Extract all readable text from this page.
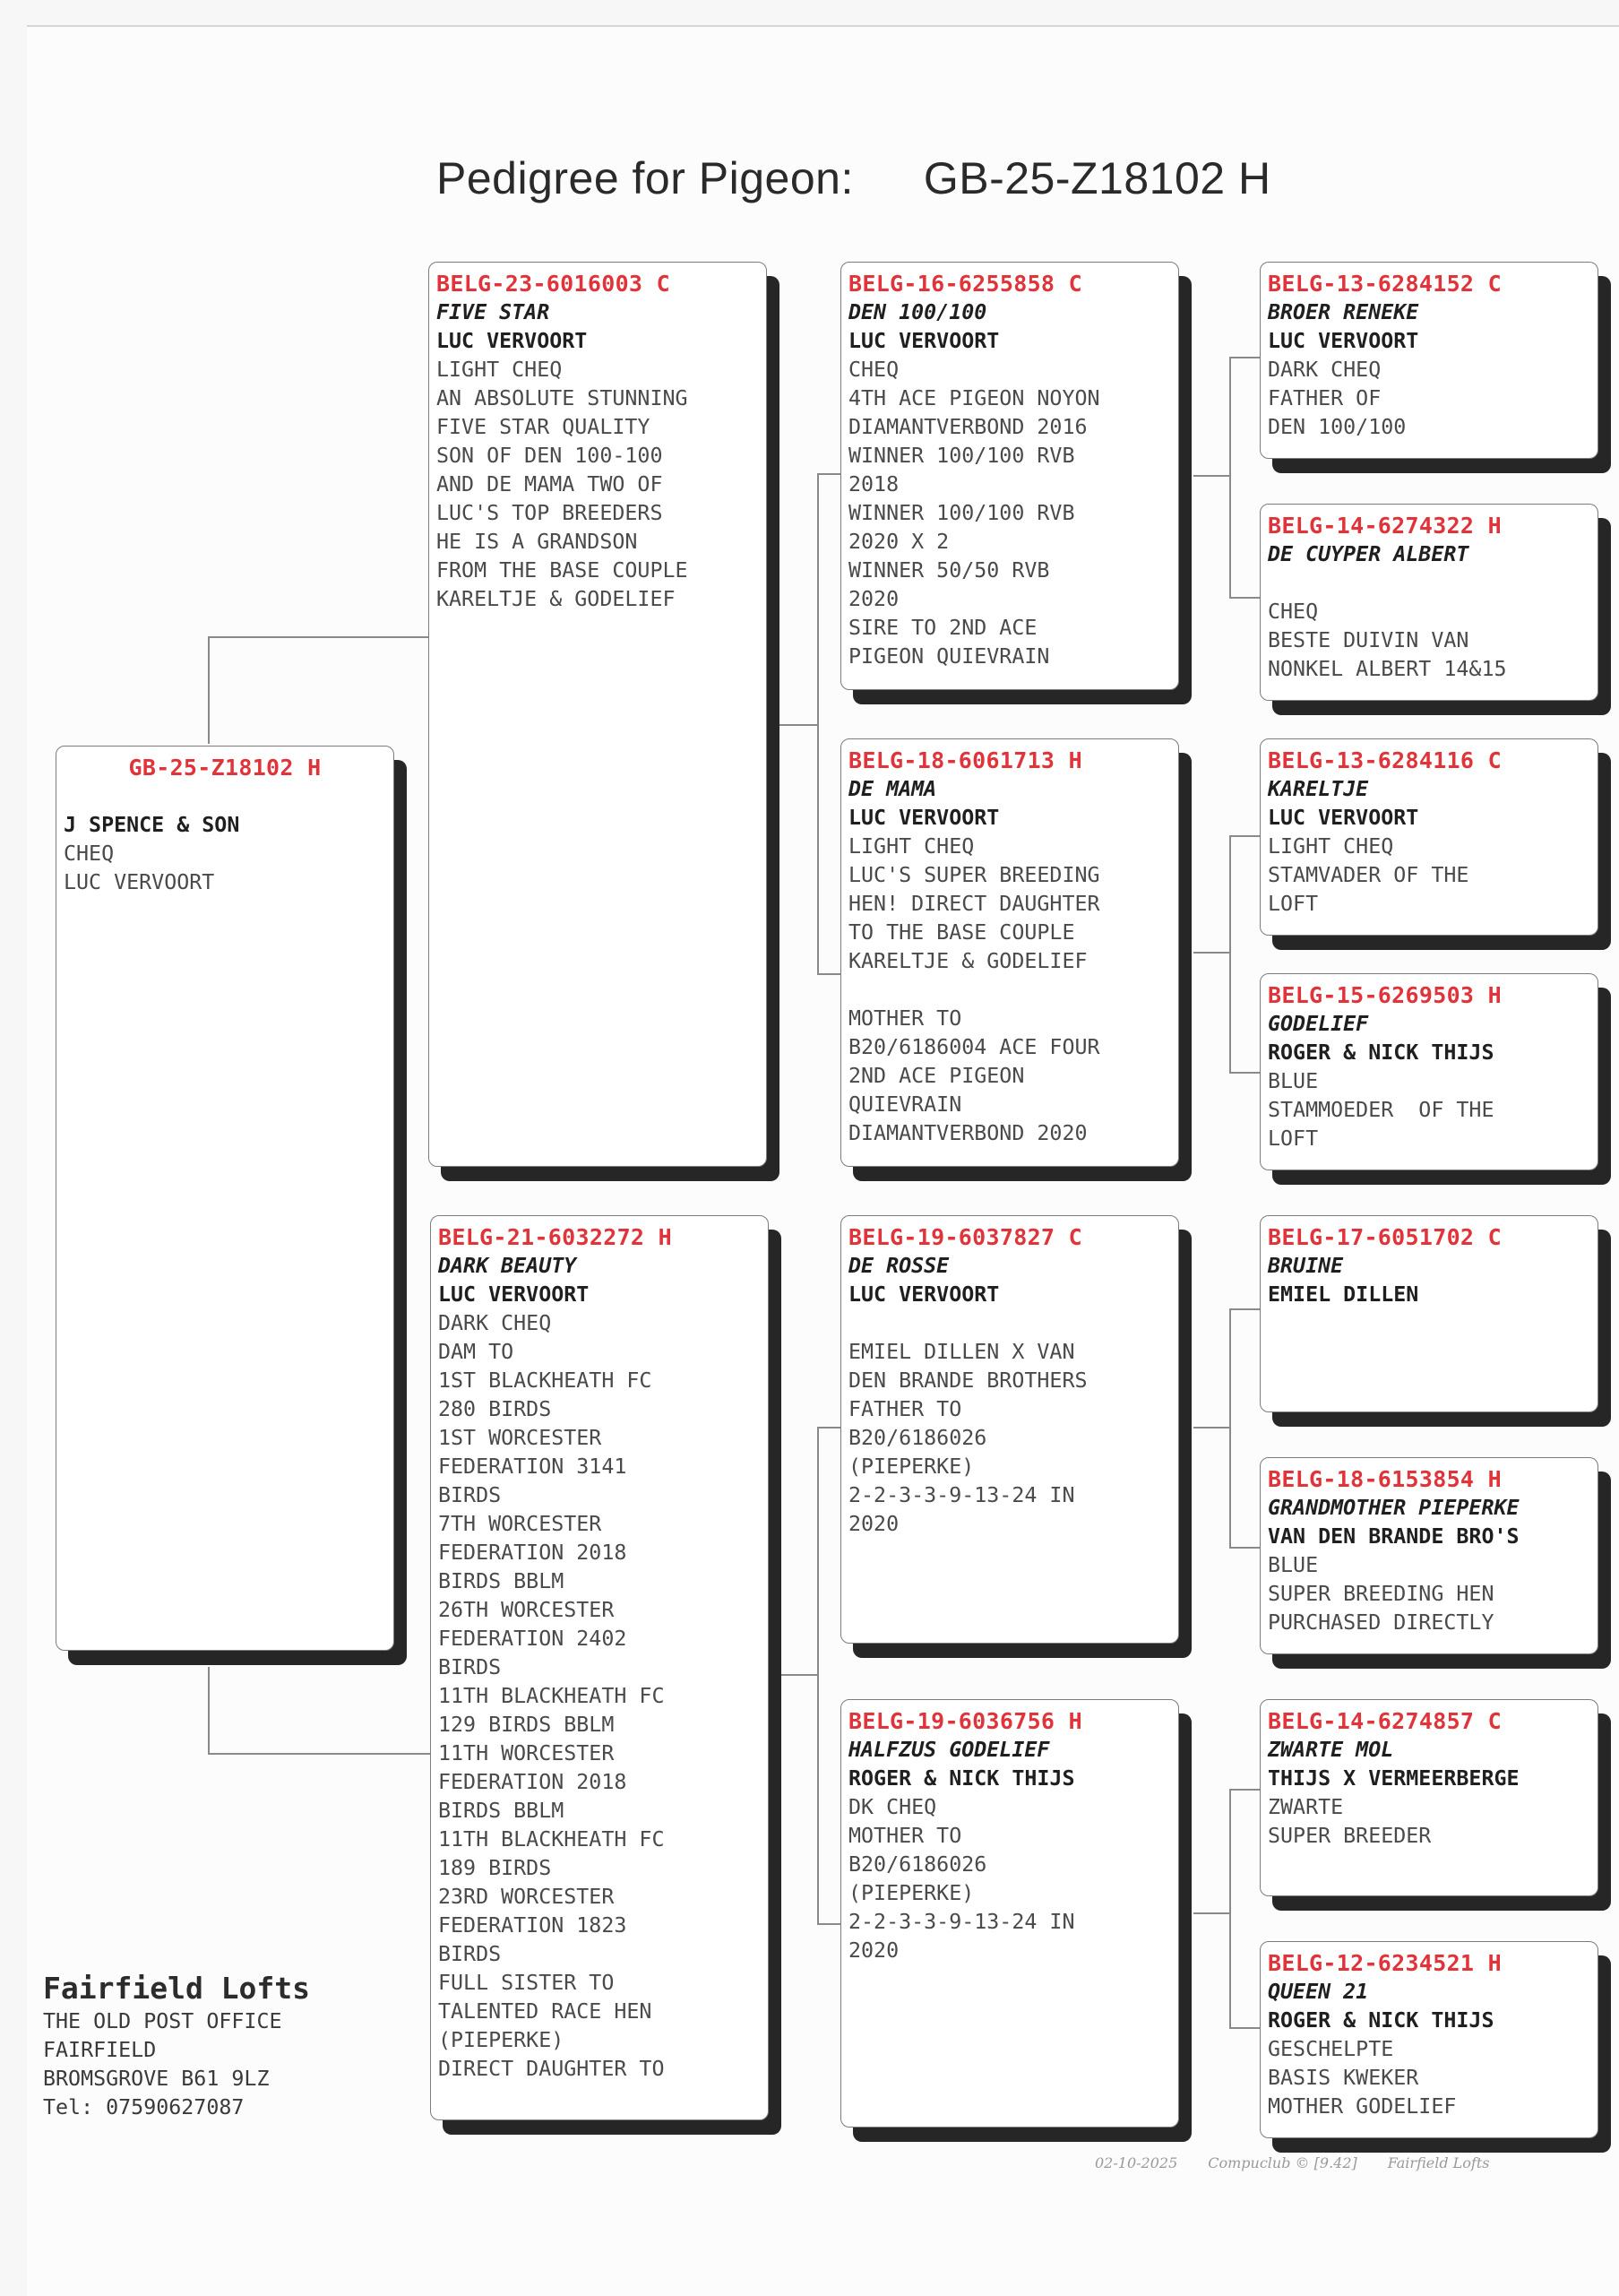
Pedigree for Pigeon: GB-25-Z18102 H
GB-25-Z18102 H

J SPENCE & SON
CHEQ
LUC VERVOORT
BELG-23-6016003 C
FIVE STAR
LUC VERVOORT
LIGHT CHEQ
AN ABSOLUTE STUNNING
FIVE STAR QUALITY
SON OF DEN 100-100
AND DE MAMA TWO OF
LUC'S TOP BREEDERS
HE IS A GRANDSON
FROM THE BASE COUPLE
KARELTJE & GODELIEF
BELG-21-6032272 H
DARK BEAUTY
LUC VERVOORT
DARK CHEQ
DAM TO
1ST BLACKHEATH FC
280 BIRDS
1ST WORCESTER
FEDERATION 3141
BIRDS
7TH WORCESTER
FEDERATION 2018
BIRDS BBLM
26TH WORCESTER
FEDERATION 2402
BIRDS
11TH BLACKHEATH FC
129 BIRDS BBLM
11TH WORCESTER
FEDERATION 2018
BIRDS BBLM
11TH BLACKHEATH FC
189 BIRDS
23RD WORCESTER
FEDERATION 1823
BIRDS
FULL SISTER TO
TALENTED RACE HEN
(PIEPERKE)
DIRECT DAUGHTER TO
BELG-16-6255858 C
DEN 100/100
LUC VERVOORT
CHEQ
4TH ACE PIGEON NOYON
DIAMANTVERBOND 2016
WINNER 100/100 RVB
2018
WINNER 100/100 RVB
2020 X 2
WINNER 50/50 RVB
2020
SIRE TO 2ND ACE
PIGEON QUIEVRAIN
BELG-18-6061713 H
DE MAMA
LUC VERVOORT
LIGHT CHEQ
LUC'S SUPER BREEDING
HEN! DIRECT DAUGHTER
TO THE BASE COUPLE
KARELTJE & GODELIEF

MOTHER TO
B20/6186004 ACE FOUR
2ND ACE PIGEON
QUIEVRAIN
DIAMANTVERBOND 2020
BELG-19-6037827 C
DE ROSSE
LUC VERVOORT

EMIEL DILLEN X VAN
DEN BRANDE BROTHERS
FATHER TO
B20/6186026
(PIEPERKE)
2-2-3-3-9-13-24 IN
2020
BELG-19-6036756 H
HALFZUS GODELIEF
ROGER & NICK THIJS
DK CHEQ
MOTHER TO
B20/6186026
(PIEPERKE)
2-2-3-3-9-13-24 IN
2020
BELG-13-6284152 C
BROER RENEKE
LUC VERVOORT
DARK CHEQ
FATHER OF
DEN 100/100
BELG-14-6274322 H
DE CUYPER ALBERT

CHEQ
BESTE DUIVIN VAN
NONKEL ALBERT 14&15
BELG-13-6284116 C
KARELTJE
LUC VERVOORT
LIGHT CHEQ
STAMVADER OF THE
LOFT
BELG-15-6269503 H
GODELIEF
ROGER & NICK THIJS
BLUE
STAMMOEDER  OF THE
LOFT
BELG-17-6051702 C
BRUINE
EMIEL DILLEN
BELG-18-6153854 H
GRANDMOTHER PIEPERKE
VAN DEN BRANDE BRO'S
BLUE
SUPER BREEDING HEN
PURCHASED DIRECTLY
BELG-14-6274857 C
ZWARTE MOL
THIJS X VERMEERBERGE
ZWARTE
SUPER BREEDER
BELG-12-6234521 H
QUEEN 21
ROGER & NICK THIJS
GESCHELPTE
BASIS KWEKER
MOTHER GODELIEF
Fairfield Lofts
THE OLD POST OFFICE
FAIRFIELD
BROMSGROVE B61 9LZ
Tel: 07590627087
02-10-2025 Compuclub © [9.42] Fairfield Lofts
